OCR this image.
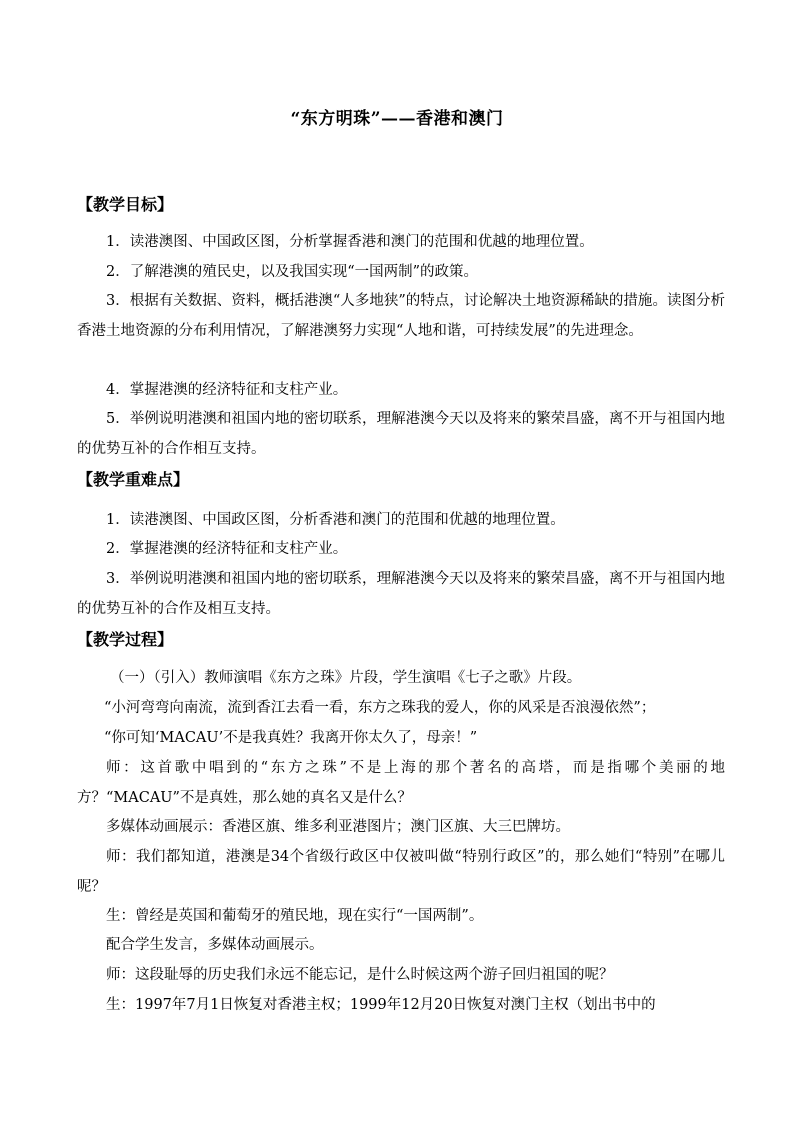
“东方明珠”——香港和澳门
【教学目标】

1．读港澳图、中国政区图，分析掌握香港和澳门的范围和优越的地理位置。

2．了解港澳的殖民史，以及我国实现“一国两制”的政策。

3．根据有关数据、资料，概括港澳“人多地狭”的特点，讨论解决土地资源稀缺的措施。读图分析香港土地资源的分布利用情况，了解港澳努力实现“人地和谐，可持续发展”的先进理念。

4．掌握港澳的经济特征和支柱产业。

5．举例说明港澳和祖国内地的密切联系，理解港澳今天以及将来的繁荣昌盛，离不开与祖国内地的优势互补的合作相互支持。

【教学重难点】

1．读港澳图、中国政区图，分析香港和澳门的范围和优越的地理位置。

2．掌握港澳的经济特征和支柱产业。

3．举例说明港澳和祖国内地的密切联系，理解港澳今天以及将来的繁荣昌盛，离不开与祖国内地的优势互补的合作及相互支持。

【教学过程】

（一）（引入）教师演唱《东方之珠》片段，学生演唱《七子之歌》片段。

“小河弯弯向南流，流到香江去看一看，东方之珠我的爱人，你的风采是否浪漫依然”；

“你可知‘MACAU’不是我真姓？我离开你太久了，母亲！”

师：这首歌中唱到的“东方之珠”不是上海的那个著名的高塔，而是指哪个美丽的地方？“MACAU”不是真姓，那么她的真名又是什么？

多媒体动画展示：香港区旗、维多利亚港图片；澳门区旗、大三巴牌坊。

师：我们都知道，港澳是34个省级行政区中仅被叫做“特别行政区”的，那么她们“特别”在哪儿呢？

生：曾经是英国和葡萄牙的殖民地，现在实行“一国两制”。

配合学生发言，多媒体动画展示。

师：这段耻辱的历史我们永远不能忘记，是什么时候这两个游子回归祖国的呢？

生：1997年7月1日恢复对香港主权；1999年12月20日恢复对澳门主权（划出书中的
